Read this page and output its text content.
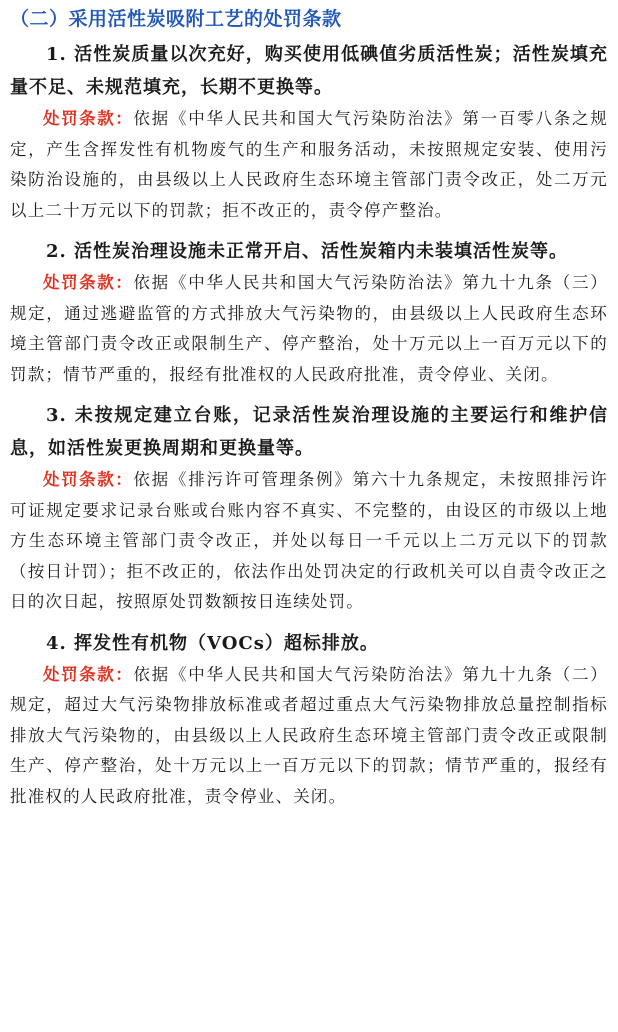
（二）采用活性炭吸附工艺的处罚条款

1. 活性炭质量以次充好，购买使用低碘值劣质活性炭；活性炭填充量不足、未规范填充，长期不更换等。

处罚条款：依据《中华人民共和国大气污染防治法》第一百零八条之规定，产生含挥发性有机物废气的生产和服务活动，未按照规定安装、使用污染防治设施的，由县级以上人民政府生态环境主管部门责令改正，处二万元以上二十万元以下的罚款；拒不改正的，责令停产整治。

2. 活性炭治理设施未正常开启、活性炭箱内未装填活性炭等。

处罚条款：依据《中华人民共和国大气污染防治法》第九十九条（三）规定，通过逃避监管的方式排放大气污染物的，由县级以上人民政府生态环境主管部门责令改正或限制生产、停产整治，处十万元以上一百万元以下的罚款；情节严重的，报经有批准权的人民政府批准，责令停业、关闭。

3. 未按规定建立台账，记录活性炭治理设施的主要运行和维护信息，如活性炭更换周期和更换量等。

处罚条款：依据《排污许可管理条例》第六十九条规定，未按照排污许可证规定要求记录台账或台账内容不真实、不完整的，由设区的市级以上地方生态环境主管部门责令改正，并处以每日一千元以上二万元以下的罚款（按日计罚）；拒不改正的，依法作出处罚决定的行政机关可以自责令改正之日的次日起，按照原处罚数额按日连续处罚。

4. 挥发性有机物（VOCs）超标排放。

处罚条款：依据《中华人民共和国大气污染防治法》第九十九条（二）规定，超过大气污染物排放标准或者超过重点大气污染物排放总量控制指标排放大气污染物的，由县级以上人民政府生态环境主管部门责令改正或限制生产、停产整治，处十万元以上一百万元以下的罚款；情节严重的，报经有批准权的人民政府批准，责令停业、关闭。
